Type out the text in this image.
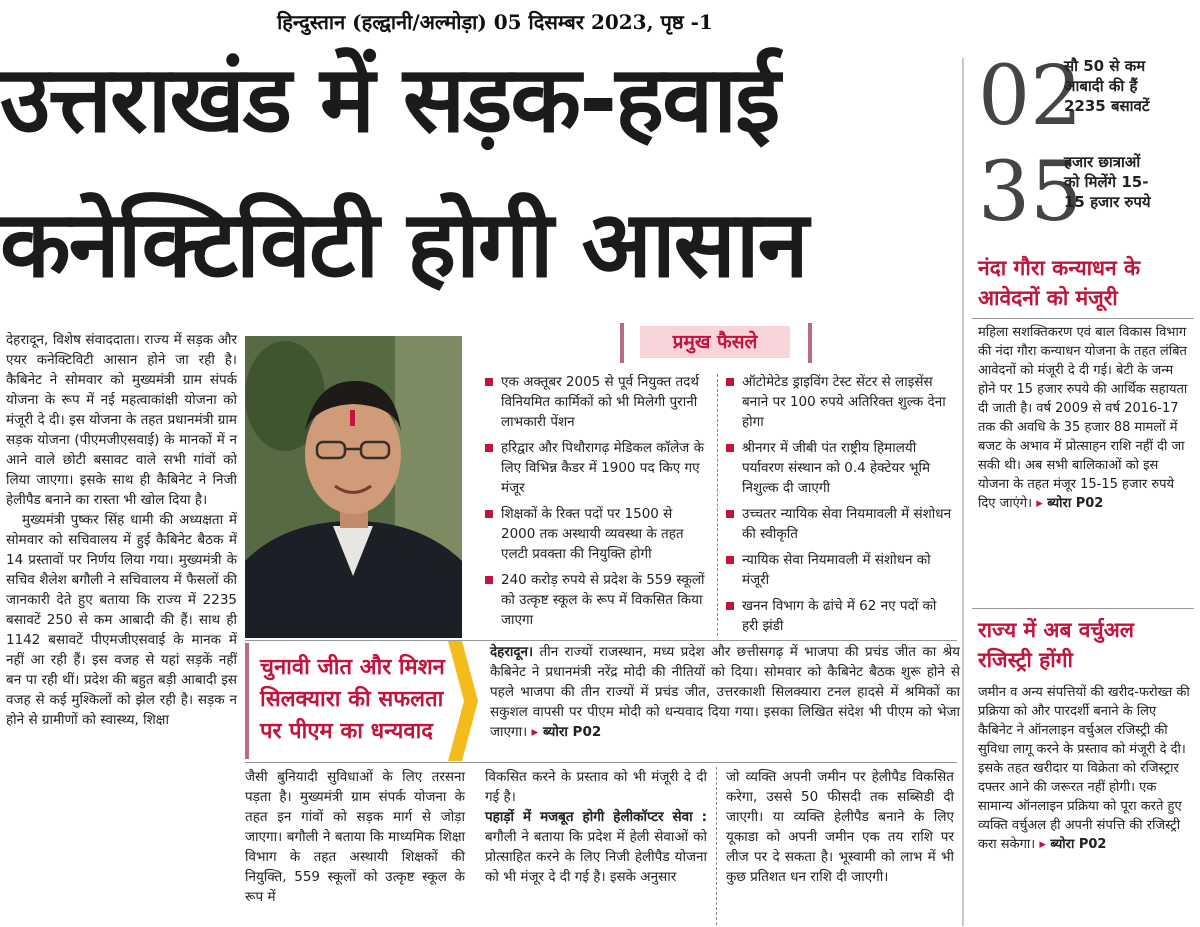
हिन्दुस्तान (हल्द्वानी/अल्मोड़ा) 05 दिसम्बर 2023, पृष्ठ -1
उत्तराखंड में सड़क-हवाई
कनेक्टिविटी होगी आसान
02
सौ 50 से कम
आबादी की हैं
2235 बसावटें
35
हजार छात्राओं
को मिलेंगे 15-
15 हजार रुपये
नंदा गौरा कन्याधन के आवेदनों को मंजूरी
महिला सशक्तिकरण एवं बाल विकास विभाग की नंदा गौरा कन्याधन योजना के तहत लंबित आवेदनों को मंजूरी दे दी गई। बेटी के जन्म होने पर 15 हजार रुपये की आर्थिक सहायता दी जाती है। वर्ष 2009 से वर्ष 2016-17 तक की अवधि के 35 हजार 88 मामलों में बजट के अभाव में प्रोत्साहन राशि नहीं दी जा सकी थी। अब सभी बालिकाओं को इस योजना के तहत मंजूर 15-15 हजार रुपये दिए जाएंगे। ▸ ब्योरा P02
राज्य में अब वर्चुअल रजिस्ट्री होंगी
जमीन व अन्य संपत्तियों की खरीद-फरोख्त की प्रक्रिया को और पारदर्शी बनाने के लिए कैबिनेट ने ऑनलाइन वर्चुअल रजिस्ट्री की सुविधा लागू करने के प्रस्ताव को मंजूरी दे दी। इसके तहत खरीदार या विक्रेता को रजिस्ट्रार दफ्तर आने की जरूरत नहीं होगी। एक सामान्य ऑनलाइन प्रक्रिया को पूरा करते हुए व्यक्ति वर्चुअल ही अपनी संपत्ति की रजिस्ट्री करा सकेगा। ▸ ब्योरा P02

देहरादून, विशेष संवाददाता। राज्य में सड़क और एयर कनेक्टिविटी आसान होने जा रही है। कैबिनेट ने सोमवार को मुख्यमंत्री ग्राम संपर्क योजना के रूप में नई महत्वाकांक्षी योजना को मंजूरी दे दी। इस योजना के तहत प्रधानमंत्री ग्राम सड़क योजना (पीएमजीएसवाई) के मानकों में न आने वाले छोटी बसावट वाले सभी गांवों को लिया जाएगा। इसके साथ ही कैबिनेट ने निजी हेलीपैड बनाने का रास्ता भी खोल दिया है।

मुख्यमंत्री पुष्कर सिंह धामी की अध्यक्षता में सोमवार को सचिवालय में हुई कैबिनेट बैठक में 14 प्रस्तावों पर निर्णय लिया गया। मुख्यमंत्री के सचिव शैलेश बगौली ने सचिवालय में फैसलों की जानकारी देते हुए बताया कि राज्य में 2235 बसावटें 250 से कम आबादी की हैं। साथ ही 1142 बसावटें पीएमजीएसवाई के मानक में नहीं आ रही हैं। इस वजह से यहां सड़कें नहीं बन पा रही थीं। प्रदेश की बहुत बड़ी आबादी इस वजह से कई मुश्किलों को झेल रही है। सड़क न होने से ग्रामीणों को स्वास्थ्य, शिक्षा

प्रमुख फैसले
एक अक्तूबर 2005 से पूर्व नियुक्त तदर्थ विनियमित कार्मिकों को भी मिलेगी पुरानी लाभकारी पेंशन
हरिद्वार और पिथौरागढ़ मेडिकल कॉलेज के लिए विभिन्न कैडर में 1900 पद किए गए मंजूर
शिक्षकों के रिक्त पदों पर 1500 से 2000 तक अस्थायी व्यवस्था के तहत एलटी प्रवक्ता की नियुक्ति होगी
240 करोड़ रुपये से प्रदेश के 559 स्कूलों को उत्कृष्ट स्कूल के रूप में विकसित किया जाएगा
ऑटोमेटेड ड्राइविंग टेस्ट सेंटर से लाइसेंस बनाने पर 100 रुपये अतिरिक्त शुल्क देना होगा
श्रीनगर में जीबी पंत राष्ट्रीय हिमालयी पर्यावरण संस्थान को 0.4 हेक्टेयर भूमि निशुल्क दी जाएगी
उच्चतर न्यायिक सेवा नियमावली में संशोधन की स्वीकृति
न्यायिक सेवा नियमावली में संशोधन को मंजूरी
खनन विभाग के ढांचे में 62 नए पदों को हरी झंडी
चुनावी जीत और मिशन सिलक्यारा की सफलता पर पीएम का धन्यवाद
देहरादून। तीन राज्यों राजस्थान, मध्य प्रदेश और छत्तीसगढ़ में भाजपा की प्रचंड जीत का श्रेय कैबिनेट ने प्रधानमंत्री नरेंद्र मोदी की नीतियों को दिया। सोमवार को कैबिनेट बैठक शुरू होने से पहले भाजपा की तीन राज्यों में प्रचंड जीत, उत्तरकाशी सिलक्यारा टनल हादसे में श्रमिकों का सकुशल वापसी पर पीएम मोदी को धन्यवाद दिया गया। इसका लिखित संदेश भी पीएम को भेजा जाएगा। ▸ ब्योरा P02

जैसी बुनियादी सुविधाओं के लिए तरसना पड़ता है। मुख्यमंत्री ग्राम संपर्क योजना के तहत इन गांवों को सड़क मार्ग से जोड़ा जाएगा। बगौली ने बताया कि माध्यमिक शिक्षा विभाग के तहत अस्थायी शिक्षकों की नियुक्ति, 559 स्कूलों को उत्कृष्ट स्कूल के रूप में

विकसित करने के प्रस्ताव को भी मंजूरी दे दी गई है।

पहाड़ों में मजबूत होगी हेलीकॉप्टर सेवा : बगौली ने बताया कि प्रदेश में हेली सेवाओं को प्रोत्साहित करने के लिए निजी हेलीपैड योजना को भी मंजूर दे दी गई है। इसके अनुसार

जो व्यक्ति अपनी जमीन पर हेलीपैड विकसित करेगा, उससे 50 फीसदी तक सब्सिडी दी जाएगी। या व्यक्ति हेलीपैड बनाने के लिए यूकाडा को अपनी जमीन एक तय राशि पर लीज पर दे सकता है। भूस्वामी को लाभ में भी कुछ प्रतिशत धन राशि दी जाएगी।
